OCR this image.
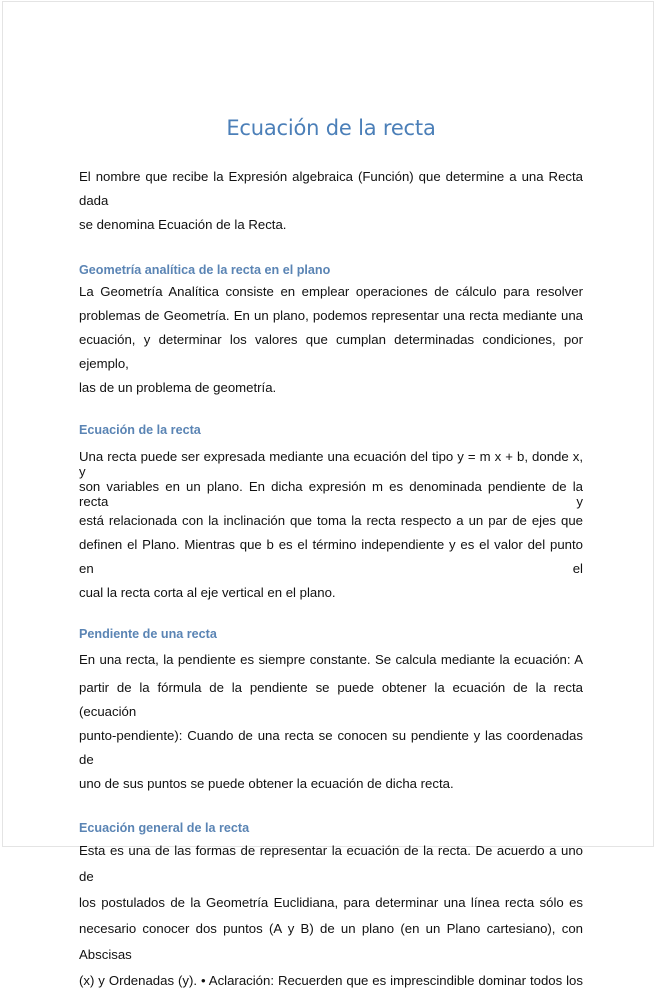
Ecuación de la recta

El nombre que recibe la Expresión algebraica (Función) que determine a una Recta dada
se denomina Ecuación de la Recta.

Geometría analítica de la recta en el plano

La Geometría Analítica consiste en emplear operaciones de cálculo para resolver
problemas de Geometría. En un plano, podemos representar una recta mediante una
ecuación, y determinar los valores que cumplan determinadas condiciones, por ejemplo,
las de un problema de geometría.

Ecuación de la recta

Una recta puede ser expresada mediante una ecuación del tipo y = m x + b, donde x, y
son variables en un plano. En dicha expresión m es denominada pendiente de la recta y

está relacionada con la inclinación que toma la recta respecto a un par de ejes que
definen el Plano. Mientras que b es el término independiente y es el valor del punto en el
cual la recta corta al eje vertical en el plano.

Pendiente de una recta

En una recta, la pendiente es siempre constante. Se calcula mediante la ecuación: A

partir de la fórmula de la pendiente se puede obtener la ecuación de la recta (ecuación
punto-pendiente): Cuando de una recta se conocen su pendiente y las coordenadas de
uno de sus puntos se puede obtener la ecuación de dicha recta.

Ecuación general de la recta

Esta es una de las formas de representar la ecuación de la recta. De acuerdo a uno de
los postulados de la Geometría Euclidiana, para determinar una línea recta sólo es
necesario conocer dos puntos (A y B) de un plano (en un Plano cartesiano), con Abscisas
(x) y Ordenadas (y). • Aclaración: Recuerden que es imprescindible dominar todos los
